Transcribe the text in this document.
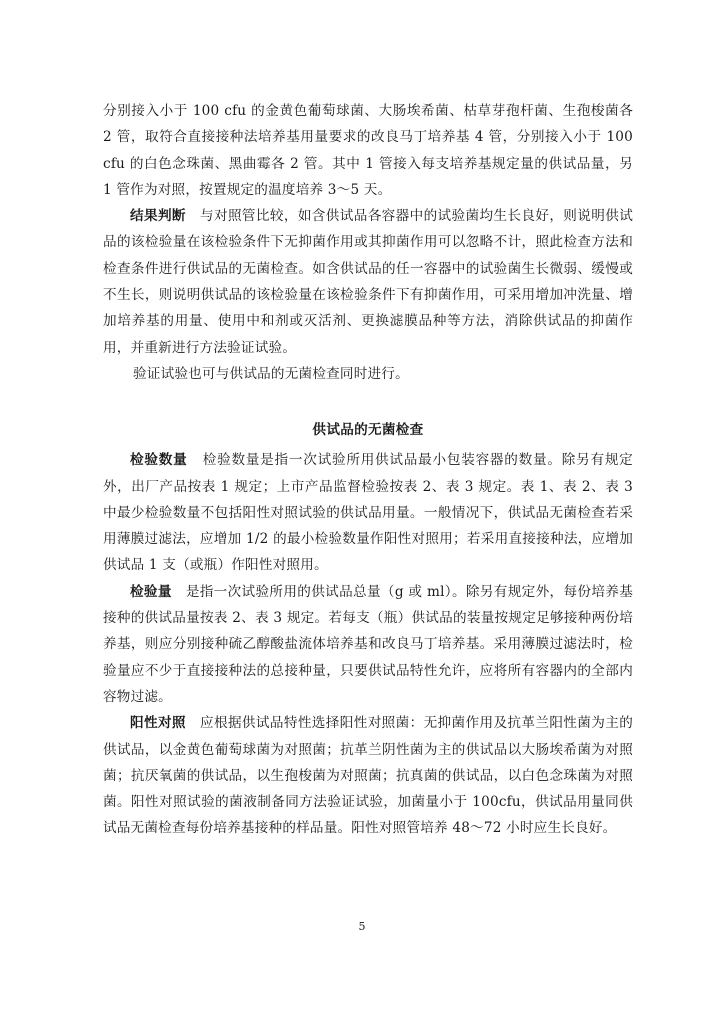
分别接入小于 100 cfu 的金黄色葡萄球菌、大肠埃希菌、枯草芽孢杆菌、生孢梭菌各 2 管，取符合直接接种法培养基用量要求的改良马丁培养基 4 管，分别接入小于 100 cfu 的白色念珠菌、黑曲霉各 2 管。其中 1 管接入每支培养基规定量的供试品量，另 1 管作为对照，按置规定的温度培养 3～5 天。

结果判断 与对照管比较，如含供试品各容器中的试验菌均生长良好，则说明供试品的该检验量在该检验条件下无抑菌作用或其抑菌作用可以忽略不计，照此检查方法和检查条件进行供试品的无菌检查。如含供试品的任一容器中的试验菌生长微弱、缓慢或不生长，则说明供试品的该检验量在该检验条件下有抑菌作用，可采用增加冲洗量、增加培养基的用量、使用中和剂或灭活剂、更换滤膜品种等方法，消除供试品的抑菌作用，并重新进行方法验证试验。

验证试验也可与供试品的无菌检查同时进行。

供试品的无菌检查

检验数量 检验数量是指一次试验所用供试品最小包装容器的数量。除另有规定外，出厂产品按表 1 规定；上市产品监督检验按表 2、表 3 规定。表 1、表 2、表 3 中最少检验数量不包括阳性对照试验的供试品用量。一般情况下，供试品无菌检查若采用薄膜过滤法，应增加 1/2 的最小检验数量作阳性对照用；若采用直接接种法，应增加供试品 1 支（或瓶）作阳性对照用。

检验量 是指一次试验所用的供试品总量（g 或 ml）。除另有规定外，每份培养基接种的供试品量按表 2、表 3 规定。若每支（瓶）供试品的装量按规定足够接种两份培养基，则应分别接种硫乙醇酸盐流体培养基和改良马丁培养基。采用薄膜过滤法时，检验量应不少于直接接种法的总接种量，只要供试品特性允许，应将所有容器内的全部内容物过滤。

阳性对照 应根据供试品特性选择阳性对照菌：无抑菌作用及抗革兰阳性菌为主的供试品，以金黄色葡萄球菌为对照菌；抗革兰阴性菌为主的供试品以大肠埃希菌为对照菌；抗厌氧菌的供试品，以生孢梭菌为对照菌；抗真菌的供试品，以白色念珠菌为对照菌。阳性对照试验的菌液制备同方法验证试验，加菌量小于 100cfu，供试品用量同供试品无菌检查每份培养基接种的样品量。阳性对照管培养 48～72 小时应生长良好。

5
